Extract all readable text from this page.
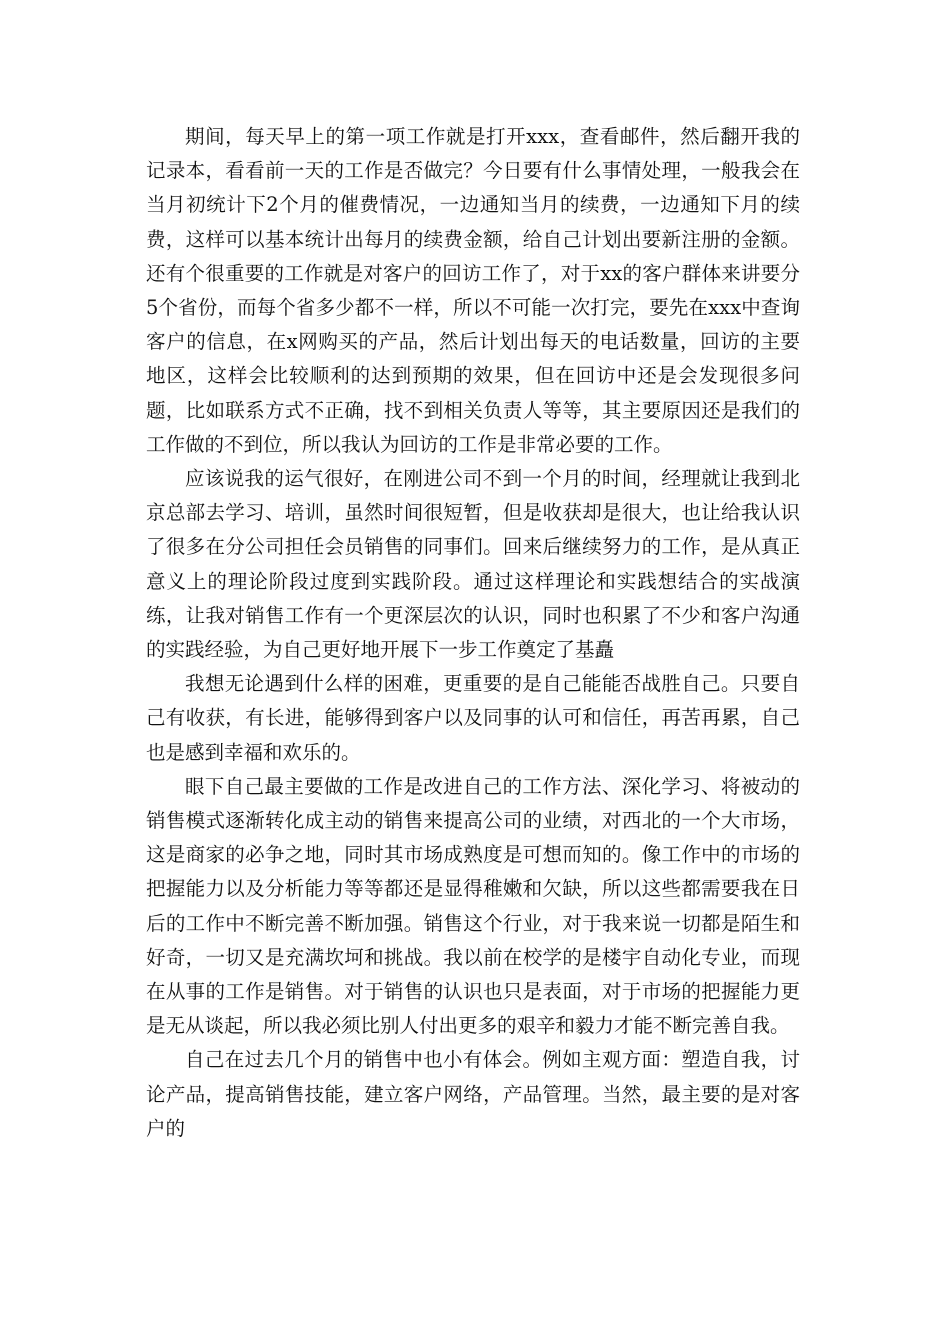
期间，每天早上的第一项工作就是打开xxx，查看邮件，然后翻开我的记录本，看看前一天的工作是否做完？今日要有什么事情处理，一般我会在当月初统计下2个月的催费情况，一边通知当月的续费，一边通知下月的续费，这样可以基本统计出每月的续费金额，给自己计划出要新注册的金额。还有个很重要的工作就是对客户的回访工作了，对于xx的客户群体来讲要分5个省份，而每个省多少都不一样，所以不可能一次打完，要先在xxx中查询客户的信息，在x网购买的产品，然后计划出每天的电话数量，回访的主要地区，这样会比较顺利的达到预期的效果，但在回访中还是会发现很多问题，比如联系方式不正确，找不到相关负责人等等，其主要原因还是我们的工作做的不到位，所以我认为回访的工作是非常必要的工作。

应该说我的运气很好，在刚进公司不到一个月的时间，经理就让我到北京总部去学习、培训，虽然时间很短暂，但是收获却是很大，也让给我认识了很多在分公司担任会员销售的同事们。回来后继续努力的工作，是从真正意义上的理论阶段过度到实践阶段。通过这样理论和实践想结合的实战演练，让我对销售工作有一个更深层次的认识，同时也积累了不少和客户沟通的实践经验，为自己更好地开展下一步工作奠定了基矗

我想无论遇到什么样的困难，更重要的是自己能能否战胜自己。只要自己有收获，有长进，能够得到客户以及同事的认可和信任，再苦再累，自己也是感到幸福和欢乐的。

眼下自己最主要做的工作是改进自己的工作方法、深化学习、将被动的销售模式逐渐转化成主动的销售来提高公司的业绩，对西北的一个大市场，这是商家的必争之地，同时其市场成熟度是可想而知的。像工作中的市场的把握能力以及分析能力等等都还是显得稚嫩和欠缺，所以这些都需要我在日后的工作中不断完善不断加强。销售这个行业，对于我来说一切都是陌生和好奇，一切又是充满坎坷和挑战。我以前在校学的是楼宇自动化专业，而现在从事的工作是销售。对于销售的认识也只是表面，对于市场的把握能力更是无从谈起，所以我必须比别人付出更多的艰辛和毅力才能不断完善自我。

自己在过去几个月的销售中也小有体会。例如主观方面：塑造自我，讨论产品，提高销售技能，建立客户网络，产品管理。当然，最主要的是对客户的
